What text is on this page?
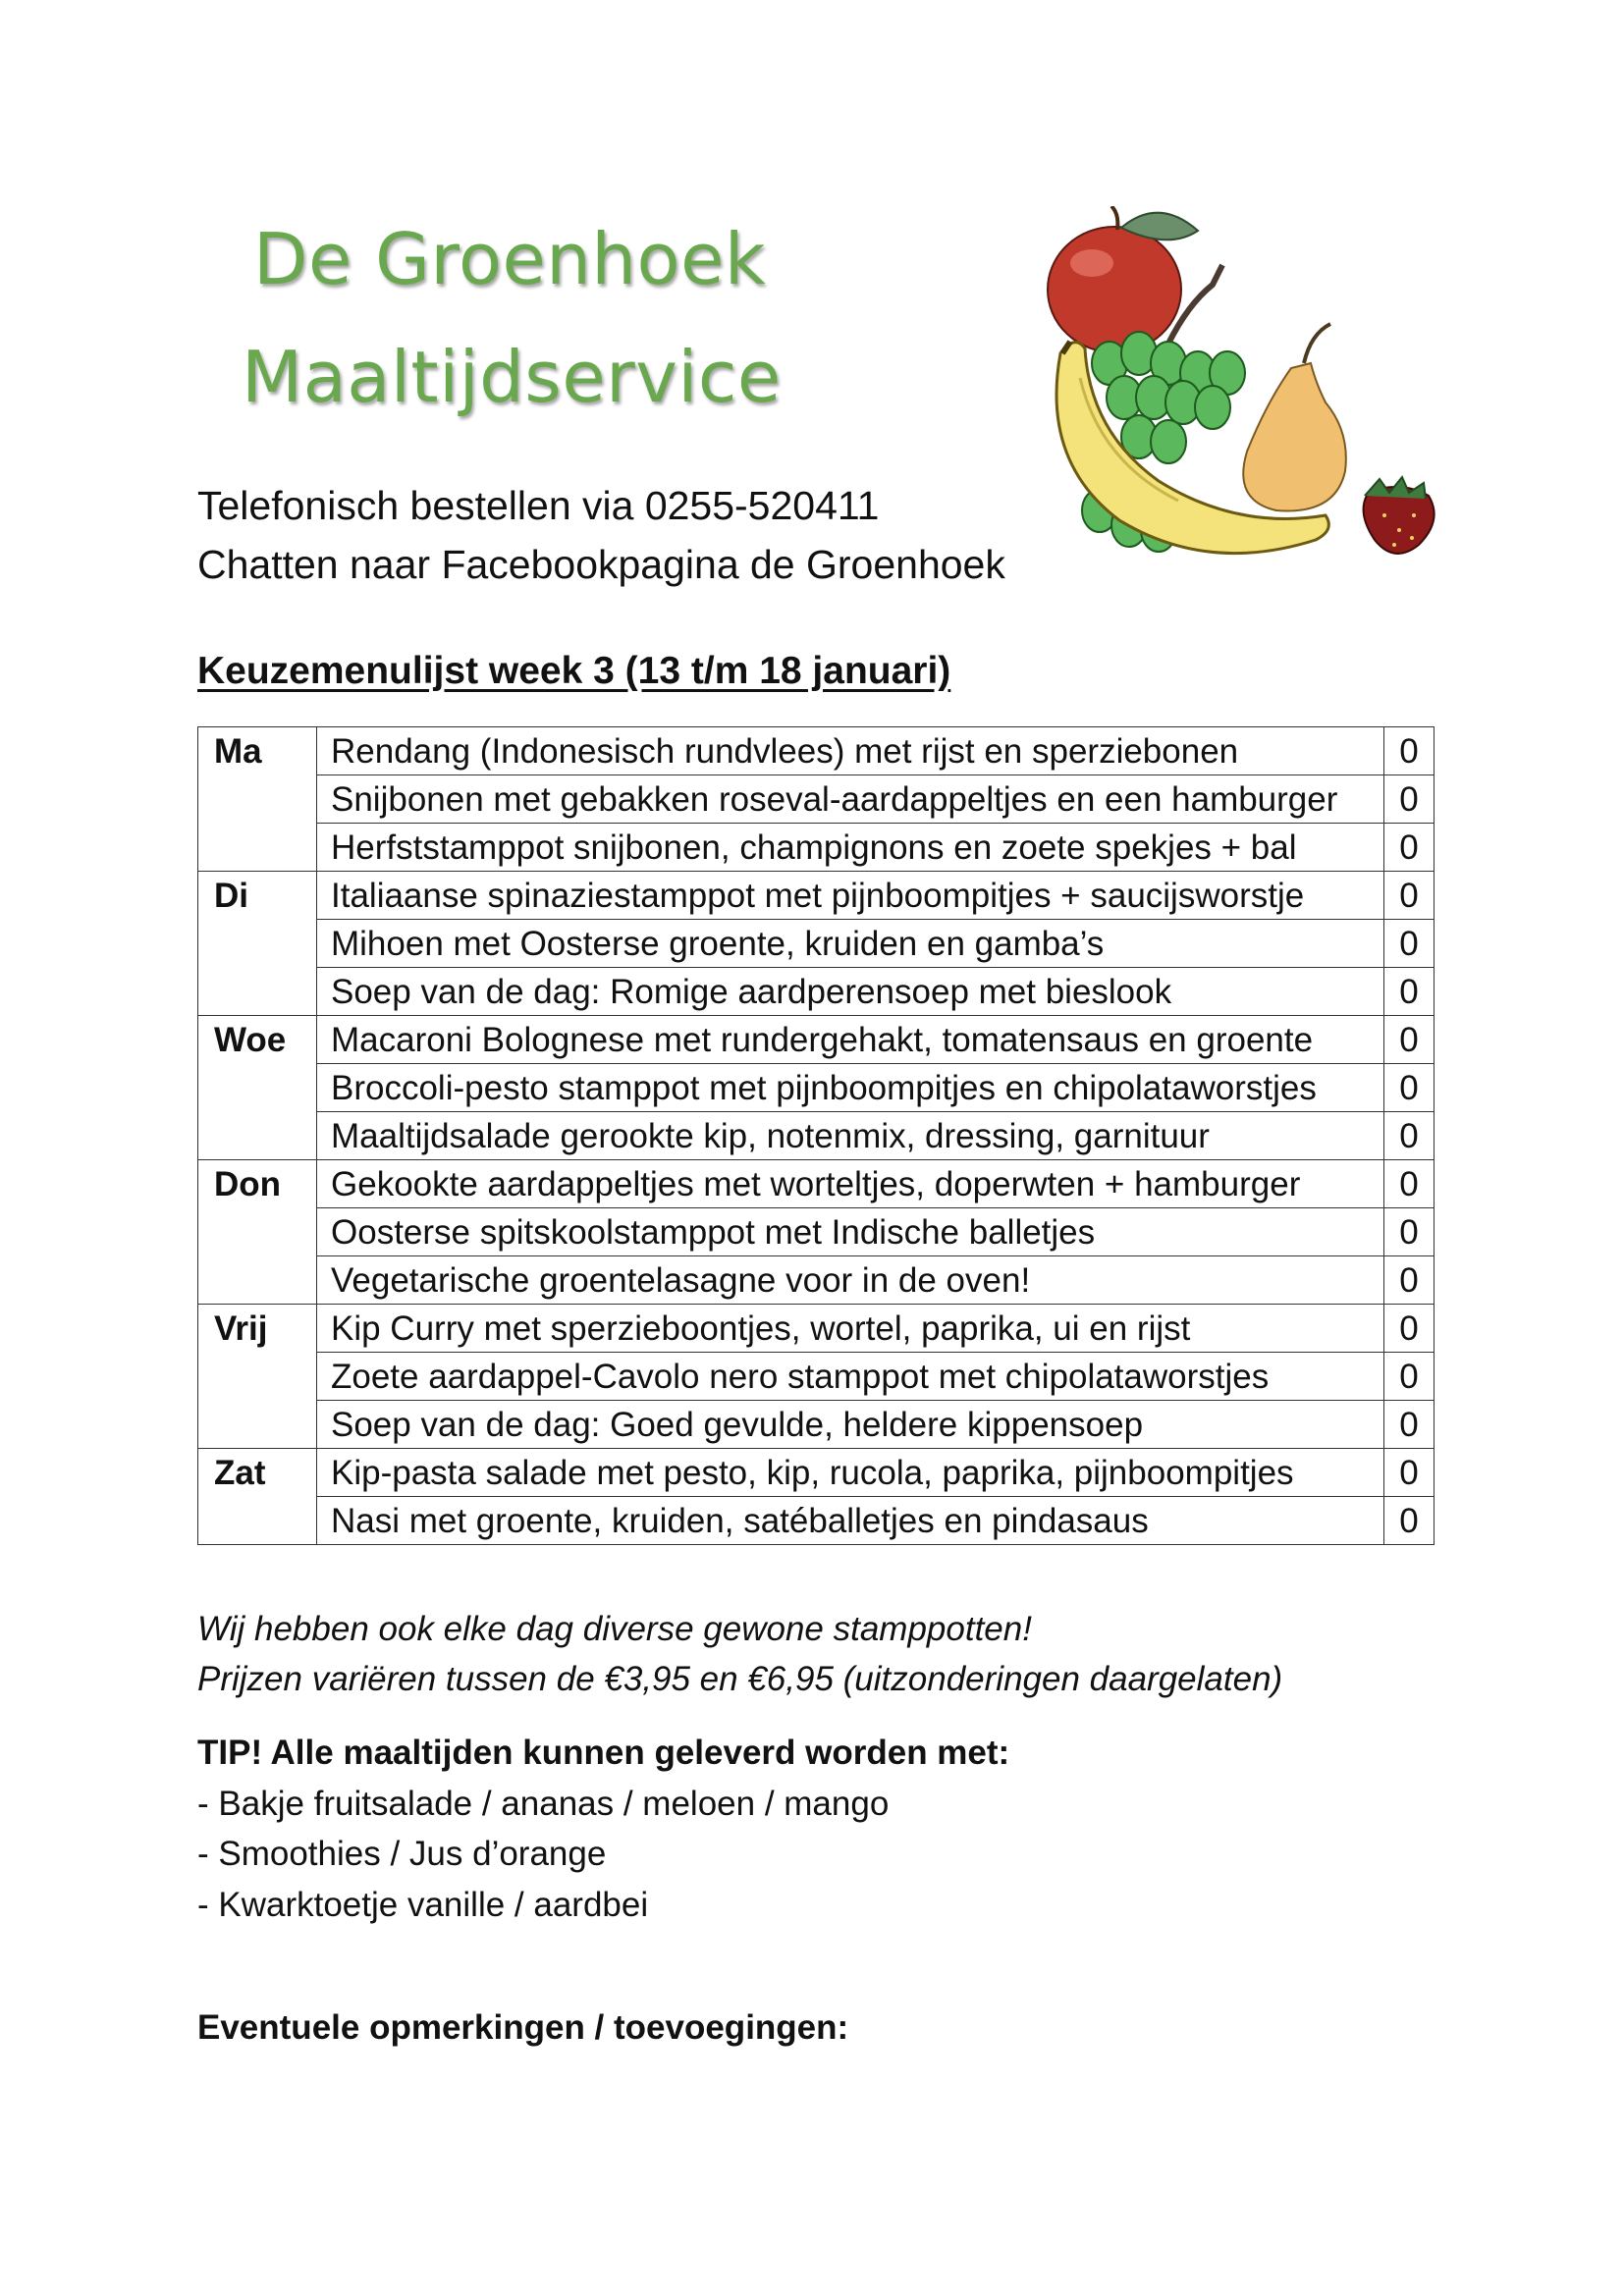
De Groenhoek
Maaltijdservice
Telefonisch bestellen via 0255-520411
Chatten naar Facebookpagina de Groenhoek
Keuzemenulijst week 3 (13 t/m 18 januari)
Ma	Rendang (Indonesisch rundvlees) met rijst en sperziebonen	0
	Snijbonen met gebakken roseval-aardappeltjes en een hamburger	0
	Herfststamppot snijbonen, champignons en zoete spekjes + bal	0
Di	Italiaanse spinaziestamppot met pijnboompitjes + saucijsworstje	0
	Mihoen met Oosterse groente, kruiden en gamba’s	0
	Soep van de dag: Romige aardperensoep met bieslook	0
Woe	Macaroni Bolognese met rundergehakt, tomatensaus en groente	0
	Broccoli-pesto stamppot met pijnboompitjes en chipolataworstjes	0
	Maaltijdsalade gerookte kip, notenmix, dressing, garnituur	0
Don	Gekookte aardappeltjes met worteltjes, doperwten + hamburger	0
	Oosterse spitskoolstamppot met Indische balletjes	0
	Vegetarische groentelasagne voor in de oven!	0
Vrij	Kip Curry met sperzieboontjes, wortel, paprika, ui en rijst	0
	Zoete aardappel-Cavolo nero stamppot met chipolataworstjes	0
	Soep van de dag: Goed gevulde, heldere kippensoep	0
Zat	Kip-pasta salade met pesto, kip, rucola, paprika, pijnboompitjes	0
	Nasi met groente, kruiden, satéballetjes en pindasaus	0
Wij hebben ook elke dag diverse gewone stamppotten!
Prijzen variëren tussen de €3,95 en €6,95 (uitzonderingen daargelaten)
TIP! Alle maaltijden kunnen geleverd worden met:
- Bakje fruitsalade / ananas / meloen / mango
- Smoothies / Jus d’orange
- Kwarktoetje vanille / aardbei
Eventuele opmerkingen / toevoegingen:
